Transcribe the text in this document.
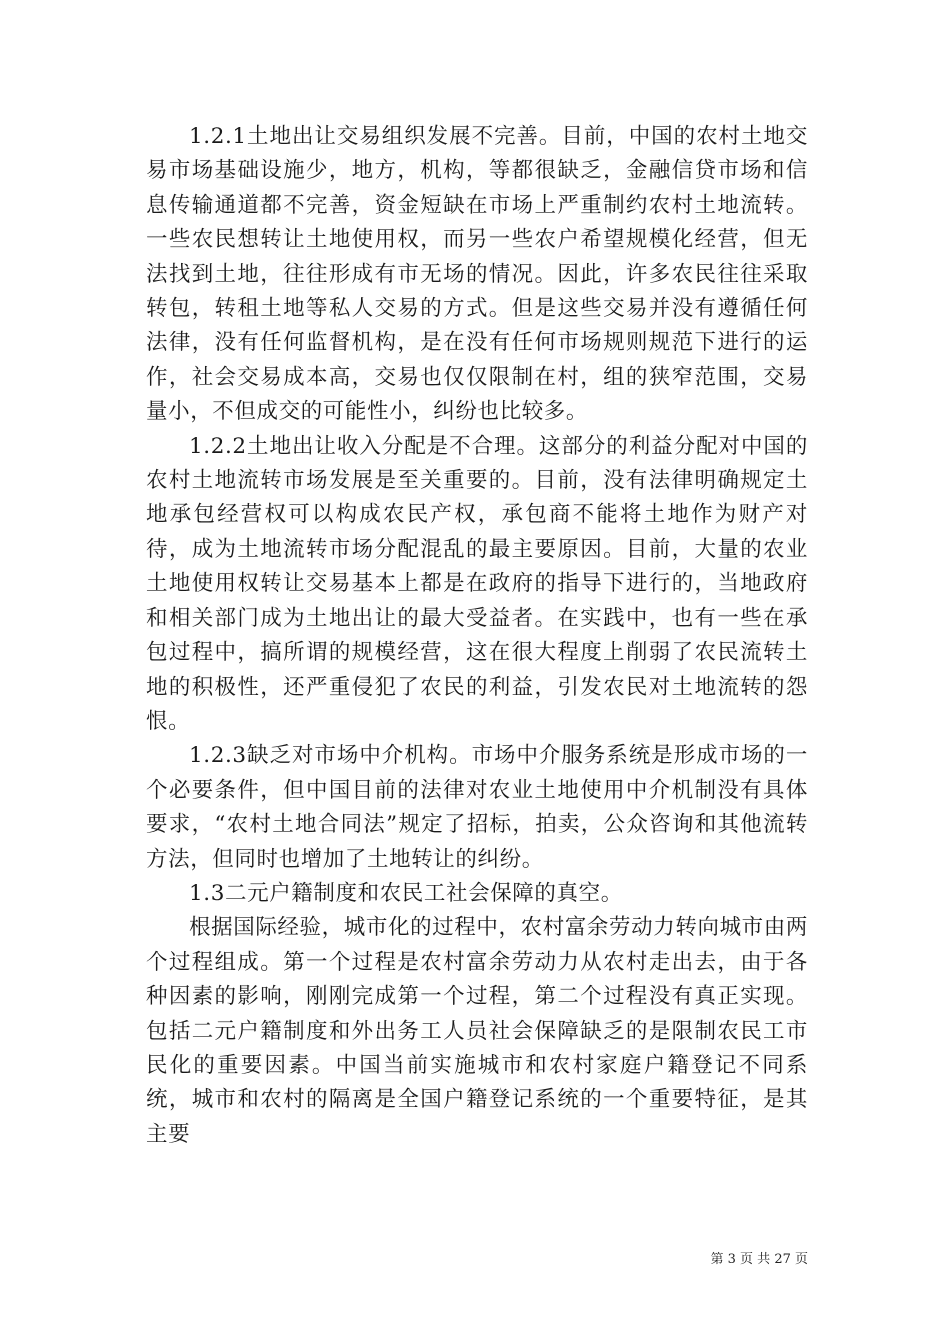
1.2.1土地出让交易组织发展不完善。目前，中国的农村土地交易市场基础设施少，地方，机构，等都很缺乏，金融信贷市场和信息传输通道都不完善，资金短缺在市场上严重制约农村土地流转。一些农民想转让土地使用权，而另一些农户希望规模化经营，但无法找到土地，往往形成有市无场的情况。因此，许多农民往往采取转包，转租土地等私人交易的方式。但是这些交易并没有遵循任何法律，没有任何监督机构，是在没有任何市场规则规范下进行的运作，社会交易成本高，交易也仅仅限制在村，组的狭窄范围，交易量小，不但成交的可能性小，纠纷也比较多。

1.2.2土地出让收入分配是不合理。这部分的利益分配对中国的农村土地流转市场发展是至关重要的。目前，没有法律明确规定土地承包经营权可以构成农民产权，承包商不能将土地作为财产对待，成为土地流转市场分配混乱的最主要原因。目前，大量的农业土地使用权转让交易基本上都是在政府的指导下进行的，当地政府和相关部门成为土地出让的最大受益者。在实践中，也有一些在承包过程中，搞所谓的规模经营，这在很大程度上削弱了农民流转土地的积极性，还严重侵犯了农民的利益，引发农民对土地流转的怨恨。

1.2.3缺乏对市场中介机构。市场中介服务系统是形成市场的一个必要条件，但中国目前的法律对农业土地使用中介机制没有具体要求，“农村土地合同法”规定了招标，拍卖，公众咨询和其他流转方法，但同时也增加了土地转让的纠纷。

1.3二元户籍制度和农民工社会保障的真空。

根据国际经验，城市化的过程中，农村富余劳动力转向城市由两个过程组成。第一个过程是农村富余劳动力从农村走出去，由于各种因素的影响，刚刚完成第一个过程，第二个过程没有真正实现。包括二元户籍制度和外出务工人员社会保障缺乏的是限制农民工市民化的重要因素。中国当前实施城市和农村家庭户籍登记不同系统，城市和农村的隔离是全国户籍登记系统的一个重要特征，是其主要

第 3 页 共 27 页
